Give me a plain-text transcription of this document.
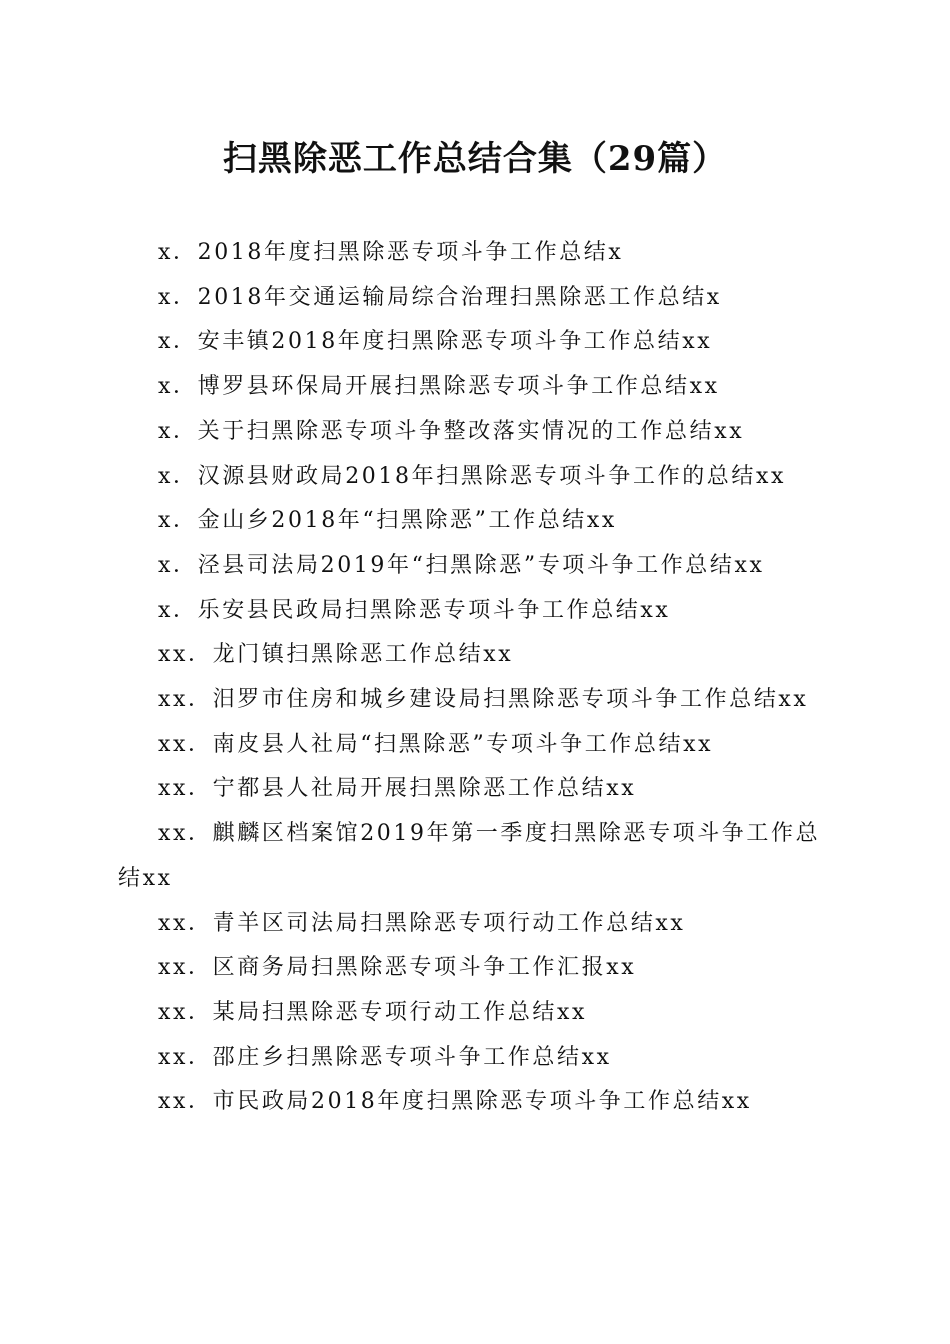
扫黑除恶工作总结合集（29篇）
x．2018年度扫黑除恶专项斗争工作总结x
x．2018年交通运输局综合治理扫黑除恶工作总结x
x．安丰镇2018年度扫黑除恶专项斗争工作总结xx
x．博罗县环保局开展扫黑除恶专项斗争工作总结xx
x．关于扫黑除恶专项斗争整改落实情况的工作总结xx
x．汉源县财政局2018年扫黑除恶专项斗争工作的总结xx
x．金山乡2018年“扫黑除恶”工作总结xx
x．泾县司法局2019年“扫黑除恶”专项斗争工作总结xx
x．乐安县民政局扫黑除恶专项斗争工作总结xx
xx．龙门镇扫黑除恶工作总结xx
xx．汨罗市住房和城乡建设局扫黑除恶专项斗争工作总结xx
xx．南皮县人社局“扫黑除恶”专项斗争工作总结xx
xx．宁都县人社局开展扫黑除恶工作总结xx
xx．麒麟区档案馆2019年第一季度扫黑除恶专项斗争工作总结xx
xx．青羊区司法局扫黑除恶专项行动工作总结xx
xx．区商务局扫黑除恶专项斗争工作汇报xx
xx．某局扫黑除恶专项行动工作总结xx
xx．邵庄乡扫黑除恶专项斗争工作总结xx
xx．市民政局2018年度扫黑除恶专项斗争工作总结xx
